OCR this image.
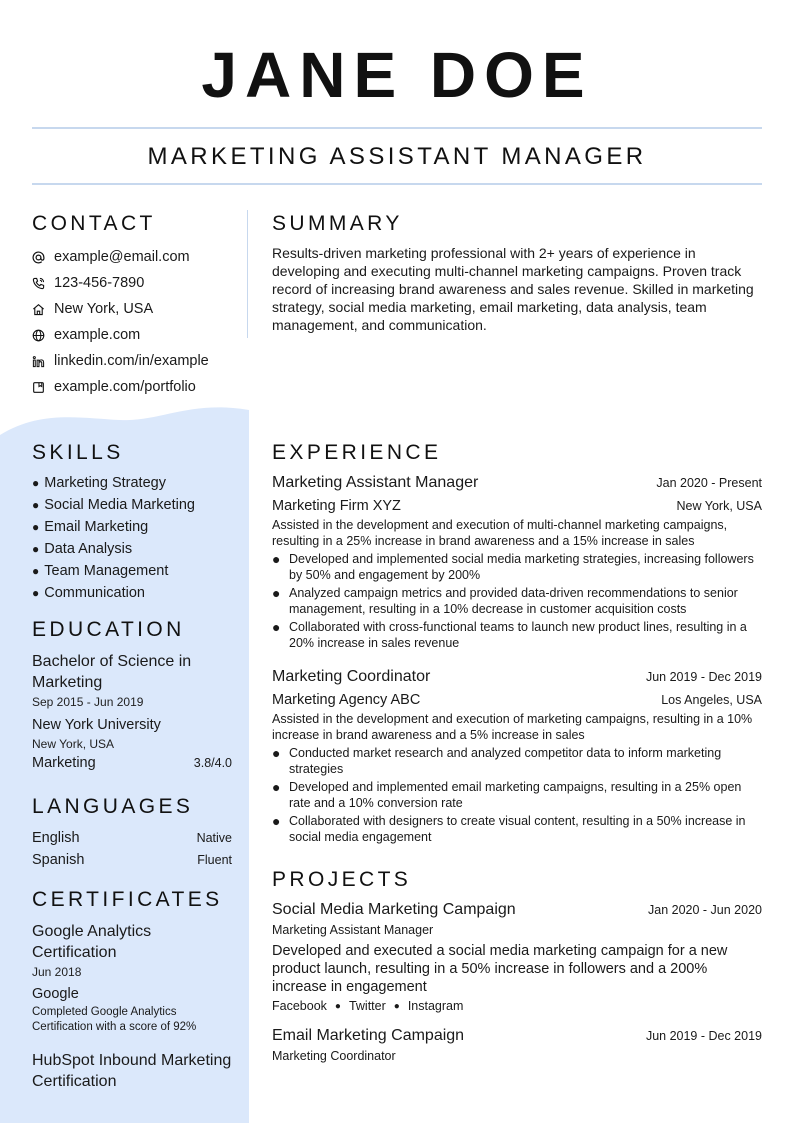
JANE DOE
MARKETING ASSISTANT MANAGER
CONTACT
example@email.com
123-456-7890
New York, USA
example.com
linkedin.com/in/example
example.com/portfolio
SKILLS
● Marketing Strategy
● Social Media Marketing
● Email Marketing
● Data Analysis
● Team Management
● Communication
EDUCATION
Bachelor of Science in Marketing
Sep 2015 - Jun 2019
New York University
New York, USA
Marketing	3.8/4.0
LANGUAGES
English	Native
Spanish	Fluent
CERTIFICATES
Google Analytics Certification
Jun 2018
Google
Completed Google Analytics Certification with a score of 92%
HubSpot Inbound Marketing Certification
SUMMARY
Results-driven marketing professional with 2+ years of experience in developing and executing multi-channel marketing campaigns. Proven track record of increasing brand awareness and sales revenue. Skilled in marketing strategy, social media marketing, email marketing, data analysis, team management, and communication.
EXPERIENCE
Marketing Assistant Manager	Jan 2020 - Present
Marketing Firm XYZ	New York, USA
Assisted in the development and execution of multi-channel marketing campaigns, resulting in a 25% increase in brand awareness and a 15% increase in sales
● Developed and implemented social media marketing strategies, increasing followers by 50% and engagement by 200%
● Analyzed campaign metrics and provided data-driven recommendations to senior management, resulting in a 10% decrease in customer acquisition costs
● Collaborated with cross-functional teams to launch new product lines, resulting in a 20% increase in sales revenue
Marketing Coordinator	Jun 2019 - Dec 2019
Marketing Agency ABC	Los Angeles, USA
Assisted in the development and execution of marketing campaigns, resulting in a 10% increase in brand awareness and a 5% increase in sales
● Conducted market research and analyzed competitor data to inform marketing strategies
● Developed and implemented email marketing campaigns, resulting in a 25% open rate and a 10% conversion rate
● Collaborated with designers to create visual content, resulting in a 50% increase in social media engagement
PROJECTS
Social Media Marketing Campaign	Jan 2020 - Jun 2020
Marketing Assistant Manager
Developed and executed a social media marketing campaign for a new product launch, resulting in a 50% increase in followers and a 200% increase in engagement
Facebook ● Twitter ● Instagram
Email Marketing Campaign	Jun 2019 - Dec 2019
Marketing Coordinator
